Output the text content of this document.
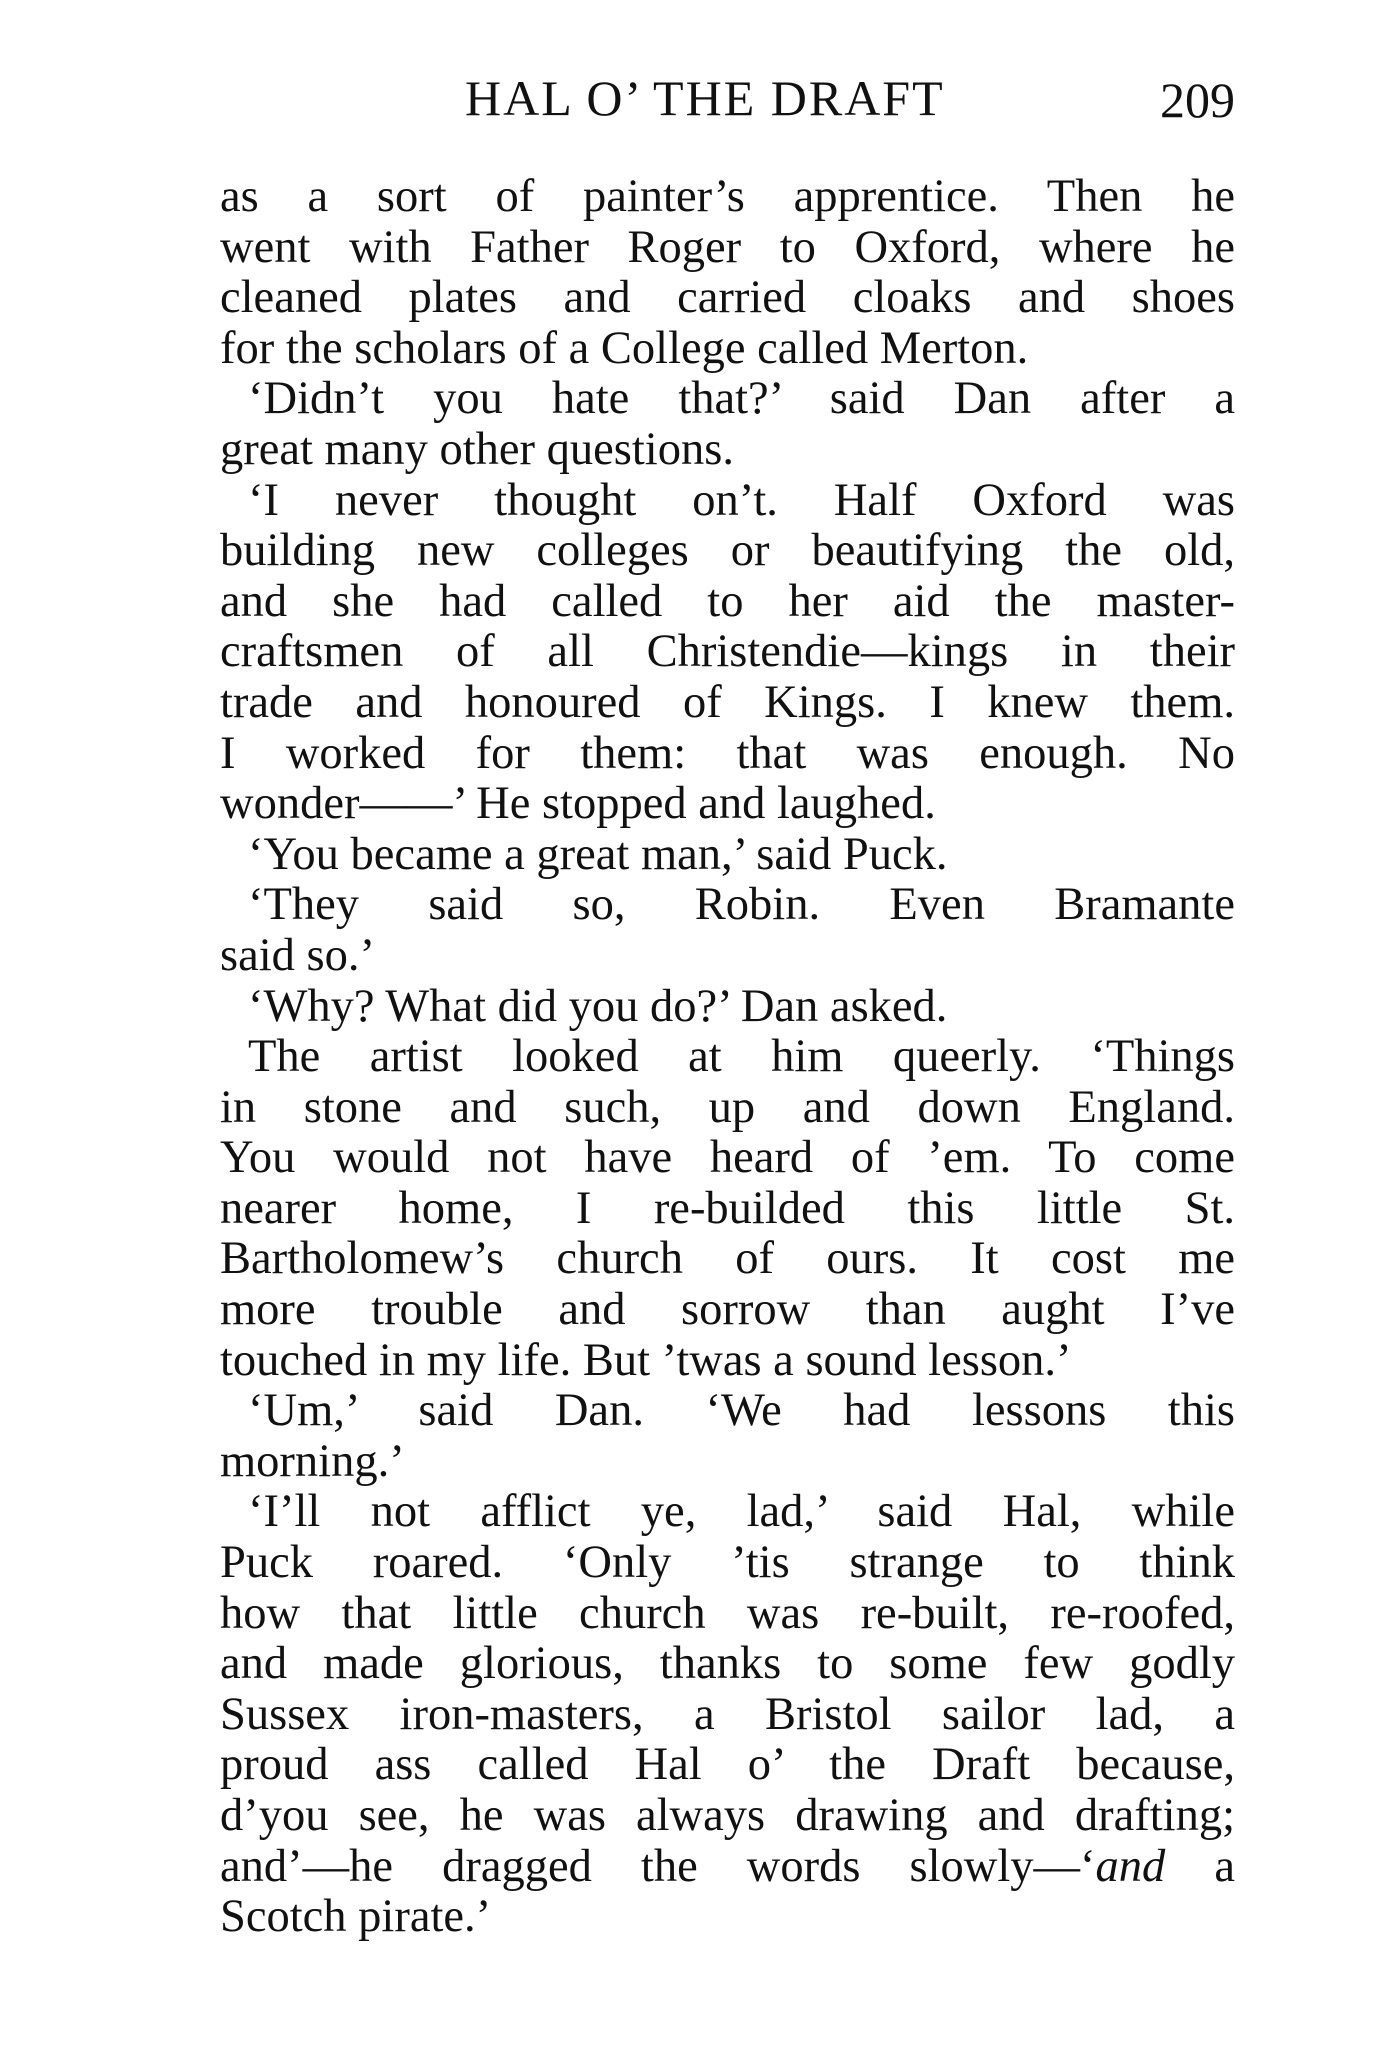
HAL O’ THE DRAFT	209
as a sort of painter’s apprentice. Then he
went with Father Roger to Oxford, where he
cleaned plates and carried cloaks and shoes
for the scholars of a College called Merton.
‘Didn’t you hate that?’ said Dan after a
great many other questions.
‘I never thought on’t. Half Oxford was
building new colleges or beautifying the old,
and she had called to her aid the master-
craftsmen of all Christendie—kings in their
trade and honoured of Kings. I knew them.
I worked for them: that was enough. No
wonder——’ He stopped and laughed.
‘You became a great man,’ said Puck.
‘They said so, Robin. Even Bramante
said so.’
‘Why? What did you do?’ Dan asked.
The artist looked at him queerly. ‘Things
in stone and such, up and down England.
You would not have heard of ’em. To come
nearer home, I re-builded this little St.
Bartholomew’s church of ours. It cost me
more trouble and sorrow than aught I’ve
touched in my life. But ’twas a sound lesson.’
‘Um,’ said Dan. ‘We had lessons this
morning.’
‘I’ll not afflict ye, lad,’ said Hal, while
Puck roared. ‘Only ’tis strange to think
how that little church was re-built, re-roofed,
and made glorious, thanks to some few godly
Sussex iron-masters, a Bristol sailor lad, a
proud ass called Hal o’ the Draft because,
d’you see, he was always drawing and drafting;
and’—he dragged the words slowly—‘and a
Scotch pirate.’
